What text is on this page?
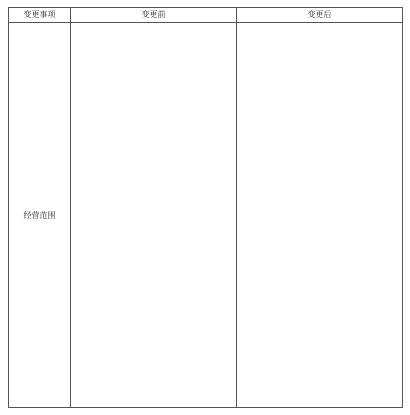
变更事项	变更前	变更后
经营范围	
